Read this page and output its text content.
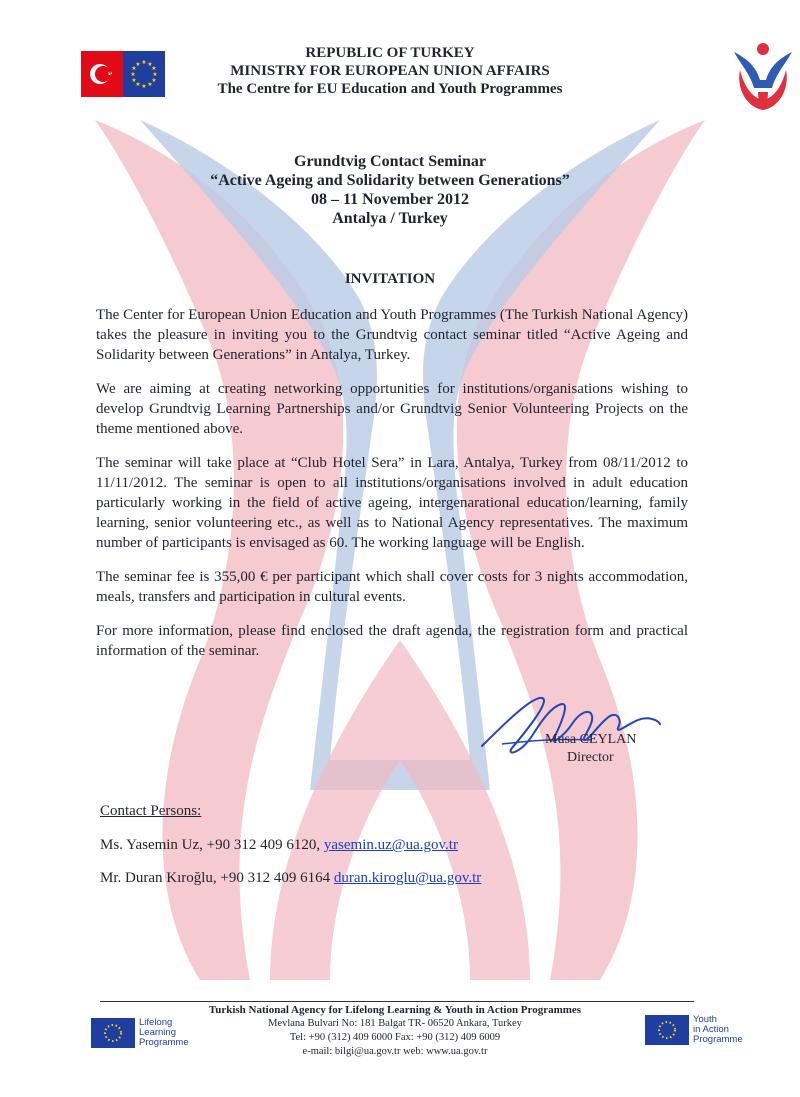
★ ★
★
★
★
★
★
★
★
★
★
★
REPUBLIC OF TURKEY
MINISTRY FOR EUROPEAN UNION AFFAIRS
The Centre for EU Education and Youth Programmes
Grundtvig Contact Seminar
“Active Ageing and Solidarity between Generations”
08 – 11 November 2012
Antalya / Turkey
INVITATION

The Center for European Union Education and Youth Programmes (The Turkish National Agency) takes the pleasure in inviting you to the Grundtvig contact seminar titled “Active Ageing and Solidarity between Generations” in Antalya, Turkey.

We are aiming at creating networking opportunities for institutions/organisations wishing to develop Grundtvig Learning Partnerships and/or Grundtvig Senior Volunteering Projects on the theme mentioned above.

The seminar will take place at “Club Hotel Sera” in Lara, Antalya, Turkey from 08/11/2012 to 11/11/2012. The seminar is open to all institutions/organisations involved in adult education particularly working in the field of active ageing, intergenarational education/learning, family learning, senior volunteering etc., as well as to National Agency representatives. The maximum number of participants is envisaged as 60. The working language will be English.

The seminar fee is 355,00 € per participant which shall cover costs for 3 nights accommodation, meals, transfers and participation in cultural events.

For more information, please find enclosed the draft agenda, the registration form and practical information of the seminar.

Musa CEYLAN
Director
Contact Persons:
Ms. Yasemin Uz, +90 312 409 6120, yasemin.uz@ua.gov.tr
Mr. Duran Kıroğlu, +90 312 409 6164 duran.kiroglu@ua.gov.tr
Turkish National Agency for Lifelong Learning & Youth in Action Programmes
Mevlana Bulvari No: 181 Balgat TR- 06520 Ankara, Turkey
Tel: +90 (312) 409 6000 Fax: +90 (312) 409 6009
e-mail: bilgi@ua.gov.tr web: www.ua.gov.tr
Lifelong
Learning
Programme
Youth
in Action
Programme
